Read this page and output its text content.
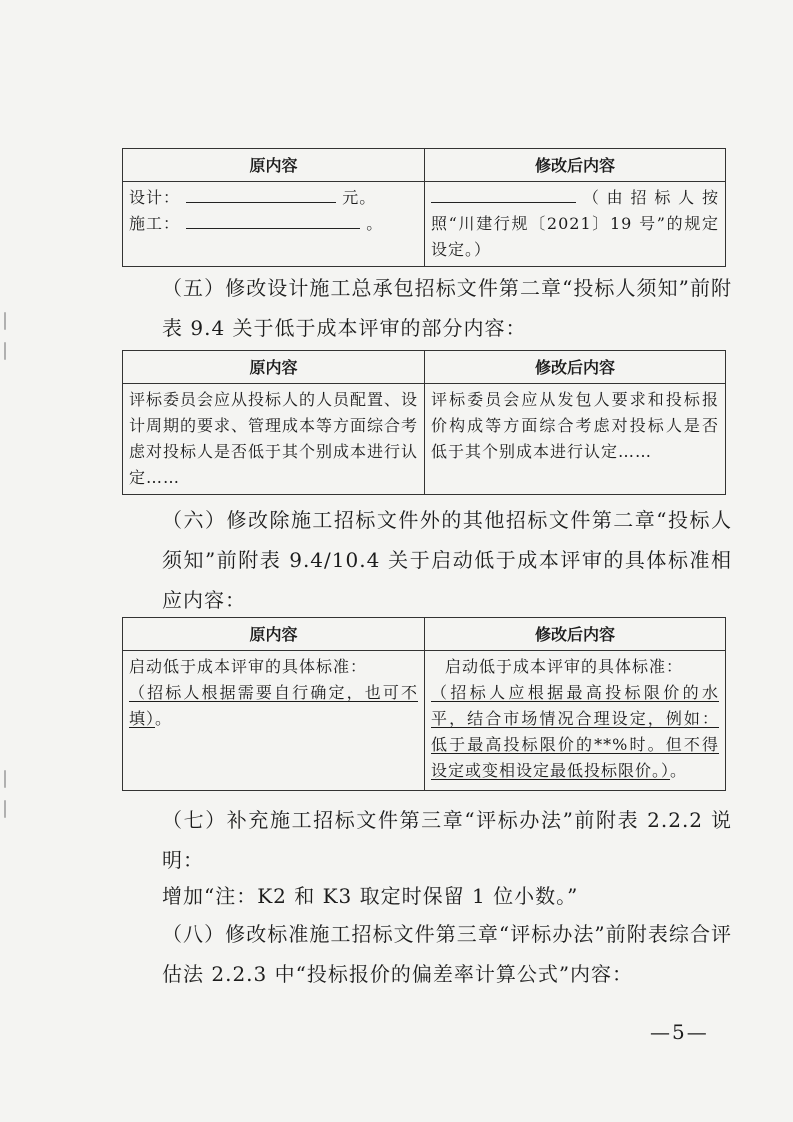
原内容	修改后内容

设计： 元。
施工： 。	（由招标人按照“川建行规〔2021〕19 号”的规定设定。）
（五）修改设计施工总承包招标文件第二章“投标人须知”前附表 9.4 关于低于成本评审的部分内容：
原内容	修改后内容

评标委员会应从投标人的人员配置、设计周期的要求、管理成本等方面综合考虑对投标人是否低于其个别成本进行认定……	评标委员会应从发包人要求和投标报价构成等方面综合考虑对投标人是否低于其个别成本进行认定……
（六）修改除施工招标文件外的其他招标文件第二章“投标人须知”前附表 9.4/10.4 关于启动低于成本评审的具体标准相应内容：
原内容	修改后内容

启动低于成本评审的具体标准：
（招标人根据需要自行确定，也可不填）。	启动低于成本评审的具体标准：
（招标人应根据最高投标限价的水平，结合市场情况合理设定，例如：低于最高投标限价的**%时。但不得设定或变相设定最低投标限价。）。
（七）补充施工招标文件第三章“评标办法”前附表 2.2.2 说明：
增加“注：K2 和 K3 取定时保留 1 位小数。”
（八）修改标准施工招标文件第三章“评标办法”前附表综合评估法 2.2.3 中“投标报价的偏差率计算公式”内容：
—5—
